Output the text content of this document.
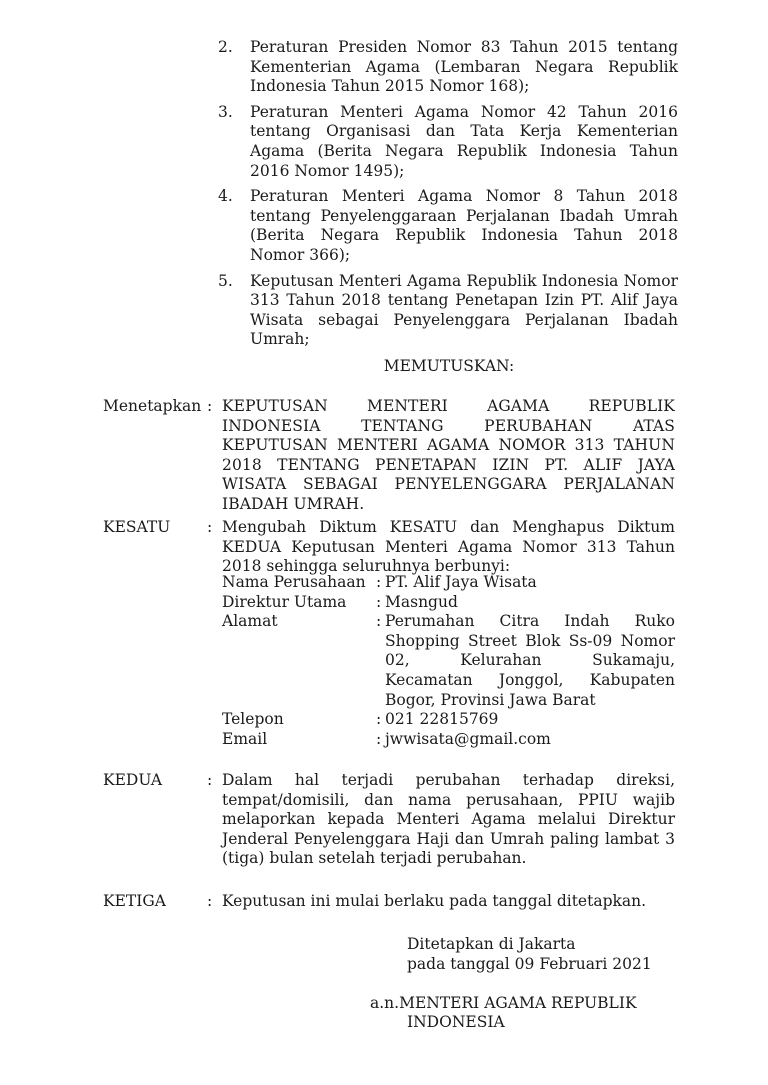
2. Peraturan Presiden Nomor 83 Tahun 2015 tentang Kementerian Agama (Lembaran Negara Republik Indonesia Tahun 2015 Nomor 168);
3. Peraturan Menteri Agama Nomor 42 Tahun 2016 tentang Organisasi dan Tata Kerja Kementerian Agama (Berita Negara Republik Indonesia Tahun 2016 Nomor 1495);
4. Peraturan Menteri Agama Nomor 8 Tahun 2018 tentang Penyelenggaraan Perjalanan Ibadah Umrah (Berita Negara Republik Indonesia Tahun 2018 Nomor 366);
5. Keputusan Menteri Agama Republik Indonesia Nomor 313 Tahun 2018 tentang Penetapan Izin PT. Alif Jaya Wisata sebagai Penyelenggara Perjalanan Ibadah Umrah;
MEMUTUSKAN:
Menetapkan : KEPUTUSAN MENTERI AGAMA REPUBLIK INDONESIA TENTANG PERUBAHAN ATAS KEPUTUSAN MENTERI AGAMA NOMOR 313 TAHUN 2018 TENTANG PENETAPAN IZIN PT. ALIF JAYA WISATA SEBAGAI PENYELENGGARA PERJALANAN IBADAH UMRAH.
KESATU : Mengubah Diktum KESATU dan Menghapus Diktum KEDUA Keputusan Menteri Agama Nomor 313 Tahun 2018 sehingga seluruhnya berbunyi:
Nama Perusahaan : PT. Alif Jaya Wisata
Direktur Utama : Masngud
Alamat	: Perumahan Citra Indah Ruko Shopping Street Blok Ss-09 Nomor 02, Kelurahan Sukamaju, Kecamatan Jonggol, Kabupaten Bogor, Provinsi Jawa Barat
Telepon	: 021 22815769
Email	: jwwisata@gmail.com
KEDUA	: Dalam hal terjadi perubahan terhadap direksi, tempat/domisili, dan nama perusahaan, PPIU wajib melaporkan kepada Menteri Agama melalui Direktur Jenderal Penyelenggara Haji dan Umrah paling lambat 3 (tiga) bulan setelah terjadi perubahan.
KETIGA	: Keputusan ini mulai berlaku pada tanggal ditetapkan.
Ditetapkan di Jakarta
pada tanggal 09 Februari 2021
a.n.MENTERI AGAMA REPUBLIK
INDONESIA
